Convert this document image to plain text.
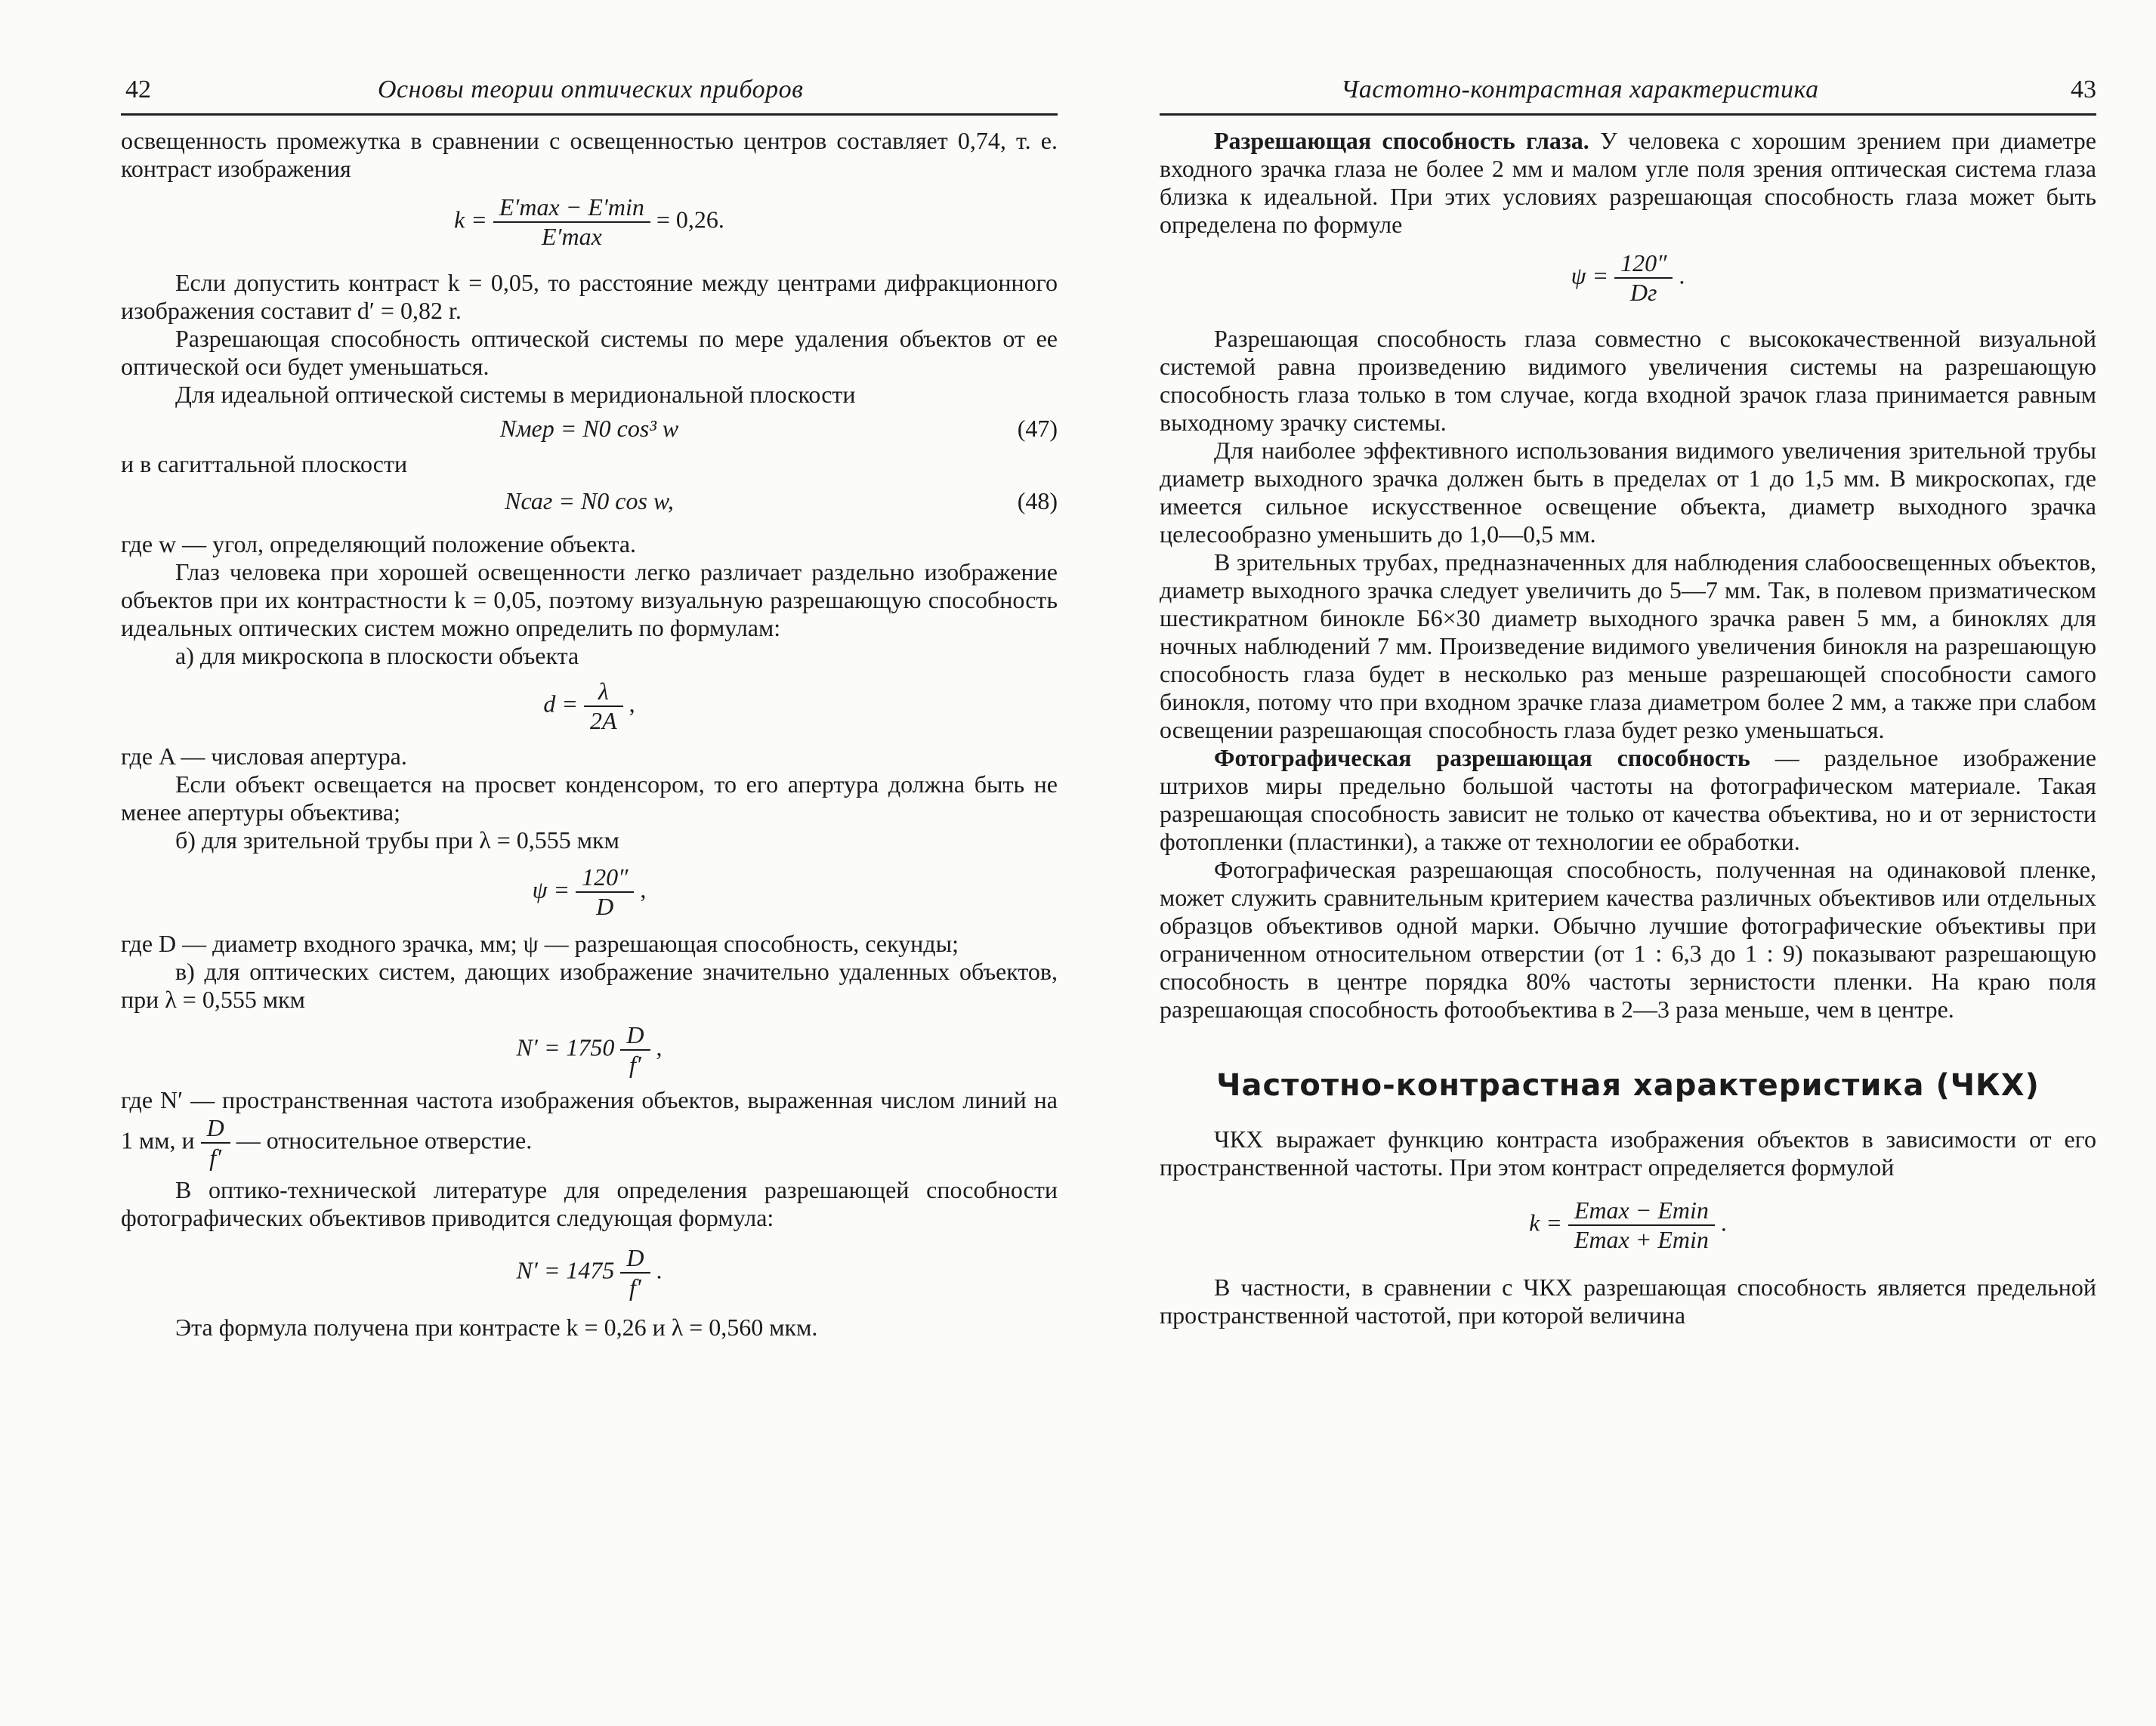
42	Основы теории оптических приборов

освещенность промежутка в сравнении с освещенностью центров составляет 0,74, т. е. контраст изображения

$k = \frac{E'\max - E'\min}{E'\max} = 0,26$.

Если допустить контраст k = 0,05, то расстояние между центрами дифракционного изображения составит d′ = 0,82 r.

Разрешающая способность оптической системы по мере удаления объектов от ее оптической оси будет уменьшаться.

Для идеальной оптической системы в меридиональной плоскости

Nмер = N0 cos³ w	(47)

и в сагиттальной плоскости

Nсаг = N0 cos w,	(48)

где w — угол, определяющий положение объекта.

Глаз человека при хорошей освещенности легко различает раздельно изображение объектов при их контрастности k = 0,05, поэтому визуальную разрешающую способность идеальных оптических систем можно определить по формулам:

а) для микроскопа в плоскости объекта

$d = \frac{\lambda}{2A}$ ,

где A — числовая апертура.

Если объект освещается на просвет конденсором, то его апертура должна быть не менее апертуры объектива;

б) для зрительной трубы при λ = 0,555 мкм

$\psi = \frac{120''}{D}$ ,

где D — диаметр входного зрачка, мм; ψ — разрешающая способность, секунды;

в) для оптических систем, дающих изображение значительно удаленных объектов, при λ = 0,555 мкм

$N' = 1750 \frac{D}{f'}$ ,

где N′ — пространственная частота изображения объектов, выраженная числом линий на 1 мм, и $\frac{D}{f'}$ — относительное отверстие.

В оптико-технической литературе для определения разрешающей способности фотографических объективов приводится следующая формула:

$N' = 1475 \frac{D}{f'}$ .

Эта формула получена при контрасте k = 0,26 и λ = 0,560 мкм.

Частотно-контрастная характеристика	43

Разрешающая способность глаза. У человека с хорошим зрением при диаметре входного зрачка глаза не более 2 мм и малом угле поля зрения оптическая система глаза близка к идеальной. При этих условиях разрешающая способность глаза может быть определена по формуле

$\psi = \frac{120''}{Dг}$ .

Разрешающая способность глаза совместно с высококачественной визуальной системой равна произведению видимого увеличения системы на разрешающую способность глаза только в том случае, когда входной зрачок глаза принимается равным выходному зрачку системы.

Для наиболее эффективного использования видимого увеличения зрительной трубы диаметр выходного зрачка должен быть в пределах от 1 до 1,5 мм. В микроскопах, где имеется сильное искусственное освещение объекта, диаметр выходного зрачка целесообразно уменьшить до 1,0—0,5 мм.

В зрительных трубах, предназначенных для наблюдения слабоосвещенных объектов, диаметр выходного зрачка следует увеличить до 5—7 мм. Так, в полевом призматическом шестикратном бинокле Б6×30 диаметр выходного зрачка равен 5 мм, а биноклях для ночных наблюдений 7 мм. Произведение видимого увеличения бинокля на разрешающую способность глаза будет в несколько раз меньше разрешающей способности самого бинокля, потому что при входном зрачке глаза диаметром более 2 мм, а также при слабом освещении разрешающая способность глаза будет резко уменьшаться.

Фотографическая разрешающая способность — раздельное изображение штрихов миры предельно большой частоты на фотографическом материале. Такая разрешающая способность зависит не только от качества объектива, но и от зернистости фотопленки (пластинки), а также от технологии ее обработки.

Фотографическая разрешающая способность, полученная на одинаковой пленке, может служить сравнительным критерием качества различных объективов или отдельных образцов объективов одной марки. Обычно лучшие фотографические объективы при ограниченном относительном отверстии (от 1 : 6,3 до 1 : 9) показывают разрешающую способность в центре порядка 80% частоты зернистости пленки. На краю поля разрешающая способность фотообъектива в 2—3 раза меньше, чем в центре.

Частотно-контрастная характеристика (ЧКХ)

ЧКХ выражает функцию контраста изображения объектов в зависимости от его пространственной частоты. При этом контраст определяется формулой

$k = \frac{Emax - Emin}{Emax + Emin}$ .

В частности, в сравнении с ЧКХ разрешающая способность является предельной пространственной частотой, при которой величина
